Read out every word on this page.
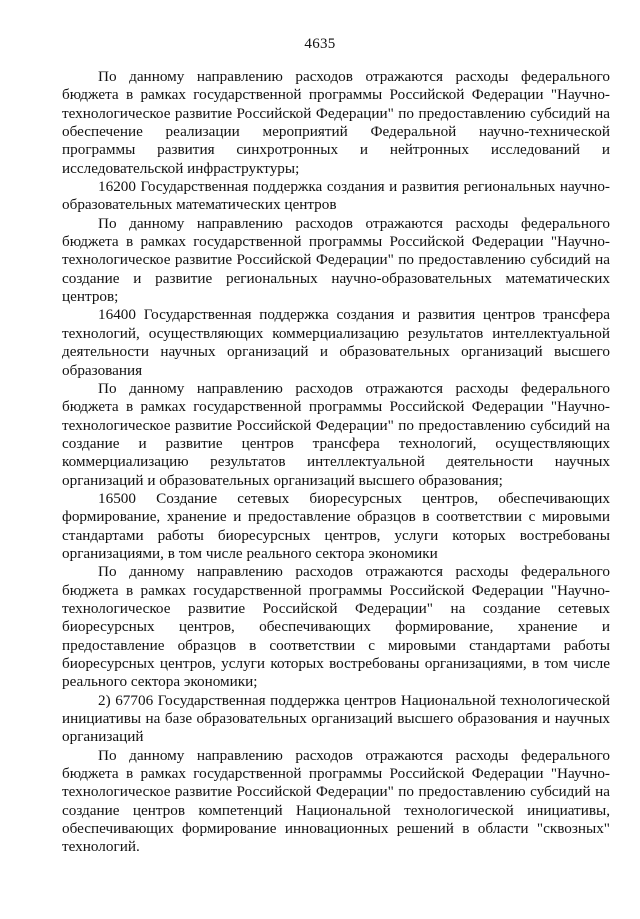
4635

По данному направлению расходов отражаются расходы федерального бюджета в рамках государственной программы Российской Федерации "Научно-технологическое развитие Российской Федерации" по предоставлению субсидий на обеспечение реализации мероприятий Федеральной научно-технической программы развития синхротронных и нейтронных исследований и исследовательской инфраструктуры;

16200 Государственная поддержка создания и развития региональных научно-образовательных математических центров

По данному направлению расходов отражаются расходы федерального бюджета в рамках государственной программы Российской Федерации "Научно-технологическое развитие Российской Федерации" по предоставлению субсидий на создание и развитие региональных научно-образовательных математических центров;

16400 Государственная поддержка создания и развития центров трансфера технологий, осуществляющих коммерциализацию результатов интеллектуальной деятельности научных организаций и образовательных организаций высшего образования

По данному направлению расходов отражаются расходы федерального бюджета в рамках государственной программы Российской Федерации "Научно-технологическое развитие Российской Федерации" по предоставлению субсидий на создание и развитие центров трансфера технологий, осуществляющих коммерциализацию результатов интеллектуальной деятельности научных организаций и образовательных организаций высшего образования;

16500 Создание сетевых биоресурсных центров, обеспечивающих формирование, хранение и предоставление образцов в соответствии с мировыми стандартами работы биоресурсных центров, услуги которых востребованы организациями, в том числе реального сектора экономики

По данному направлению расходов отражаются расходы федерального бюджета в рамках государственной программы Российской Федерации "Научно-технологическое развитие Российской Федерации" на создание сетевых биоресурсных центров, обеспечивающих формирование, хранение и предоставление образцов в соответствии с мировыми стандартами работы биоресурсных центров, услуги которых востребованы организациями, в том числе реального сектора экономики;

2) 67706 Государственная поддержка центров Национальной технологической инициативы на базе образовательных организаций высшего образования и научных организаций

По данному направлению расходов отражаются расходы федерального бюджета в рамках государственной программы Российской Федерации "Научно-технологическое развитие Российской Федерации" по предоставлению субсидий на создание центров компетенций Национальной технологической инициативы, обеспечивающих формирование инновационных решений в области "сквозных" технологий.
